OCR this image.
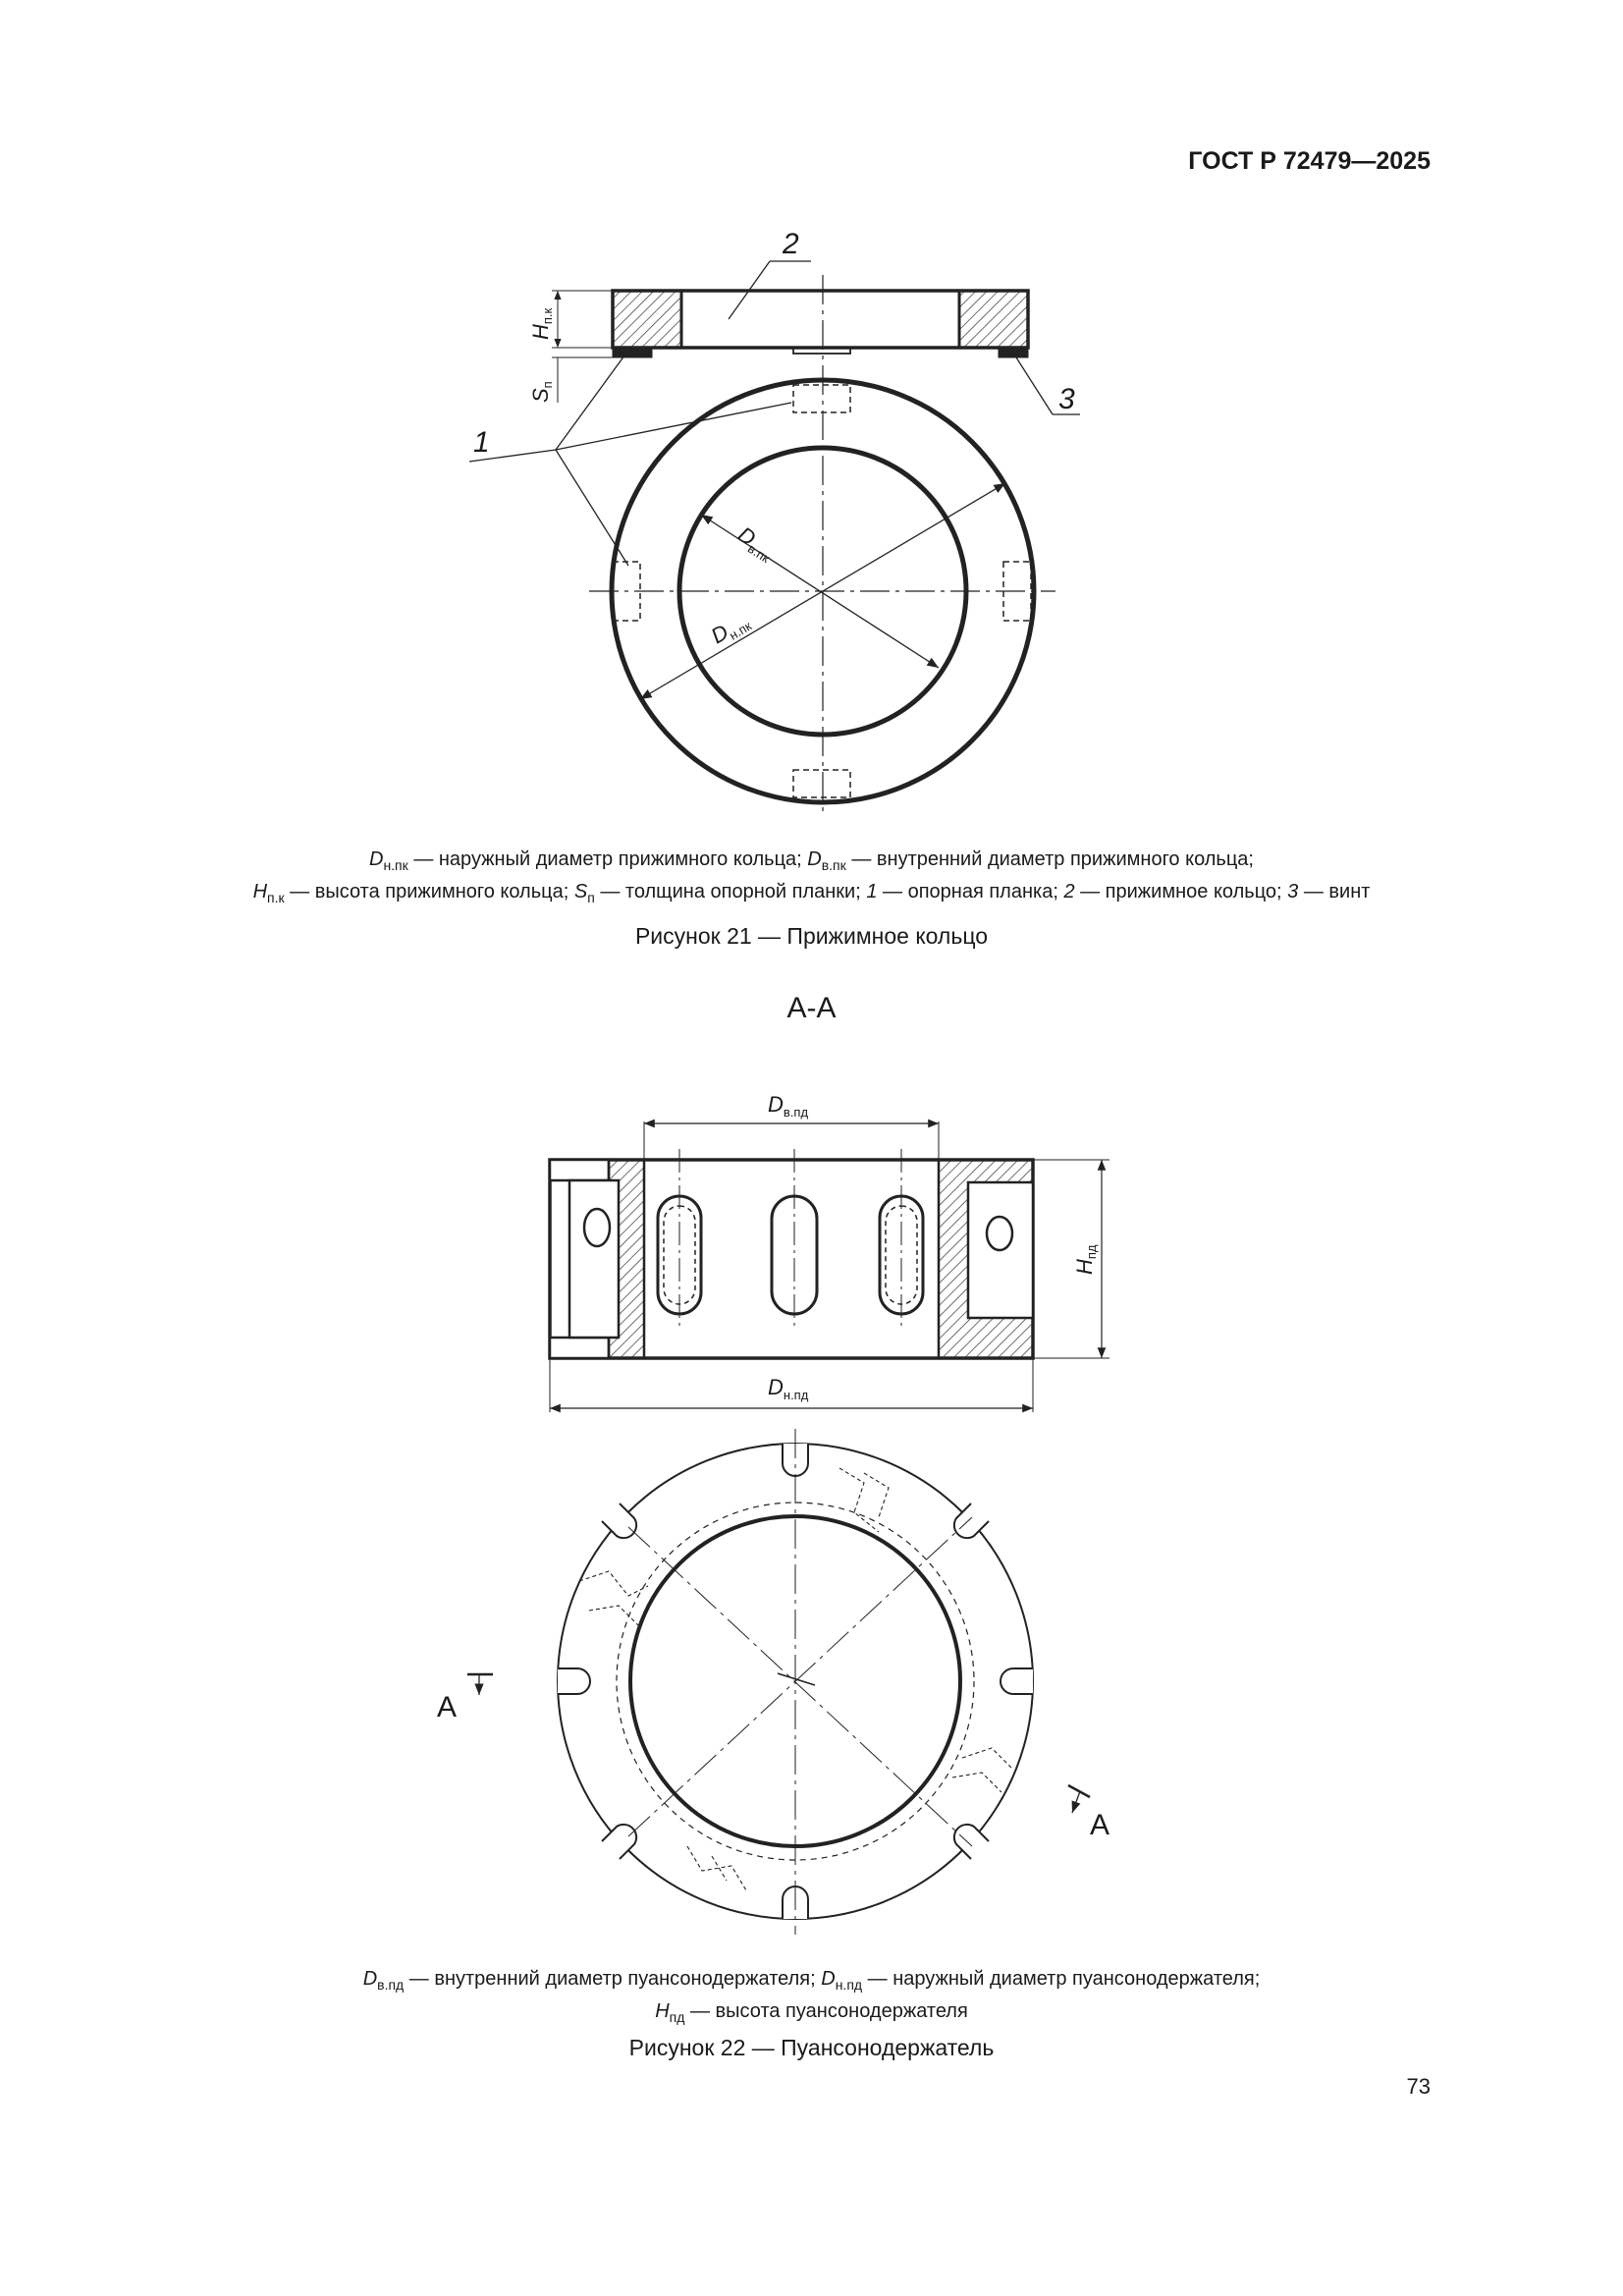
ГОСТ Р 72479—2025
2
3
1
Hп.к
Sп
$D_{в.пк}$
$D_{н.пк}$
$D_{в.пд}$
$D_{н.пд}$
Hпд
А
А
$D_{н.пк}$ — наружный диаметр прижимного кольца; $D_{в.пк}$ — внутренний диаметр прижимного кольца;
$H_{п.к}$ — высота прижимного кольца; $S_п$ — толщина опорной планки; 1 — опорная планка; 2 — прижимное кольцо; 3 — винт
Рисунок 21 — Прижимное кольцо
А-А
$D_{в.пд}$ — внутренний диаметр пуансонодержателя; $D_{н.пд}$ — наружный диаметр пуансонодержателя;
$H_{пд}$ — высота пуансонодержателя
Рисунок 22 — Пуансонодержатель
73
